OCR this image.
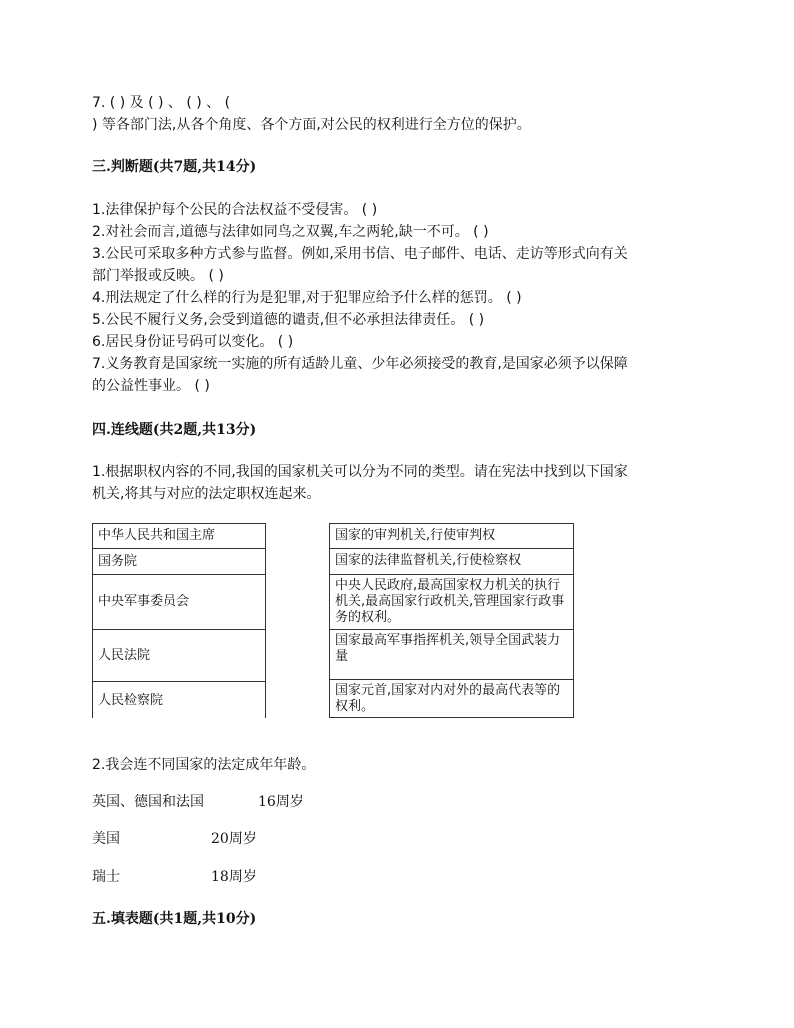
7. ( ) 及 ( ) 、 ( ) 、 (
) 等各部门法,从各个角度、各个方面,对公民的权利进行全方位的保护。
三.判断题(共7题,共14分)
1.法律保护每个公民的合法权益不受侵害。 ( )
2.对社会而言,道德与法律如同鸟之双翼,车之两轮,缺一不可。 ( )
3.公民可采取多种方式参与监督。例如,采用书信、电子邮件、电话、走访等形式向有关
部门举报或反映。 ( )
4.刑法规定了什么样的行为是犯罪,对于犯罪应给予什么样的惩罚。 ( )
5.公民不履行义务,会受到道德的谴责,但不必承担法律责任。 ( )
6.居民身份证号码可以变化。 ( )
7.义务教育是国家统一实施的所有适龄儿童、少年必须接受的教育,是国家必须予以保障
的公益性事业。 ( )
四.连线题(共2题,共13分)
1.根据职权内容的不同,我国的国家机关可以分为不同的类型。请在宪法中找到以下国家
机关,将其与对应的法定职权连起来。
中华人民共和国主席
国务院
中央军事委员会
人民法院
人民检察院
国家的审判机关,行使审判权
国家的法律监督机关,行使检察权
中央人民政府,最高国家权力机关的执行机关,最高国家行政机关,管理国家行政事务的权利。
国家最高军事指挥机关,领导全国武装力量
国家元首,国家对内对外的最高代表等的权利。
2.我会连不同国家的法定成年年龄。
英国、德国和法国	16周岁
美国	20周岁
瑞士	18周岁
五.填表题(共1题,共10分)
